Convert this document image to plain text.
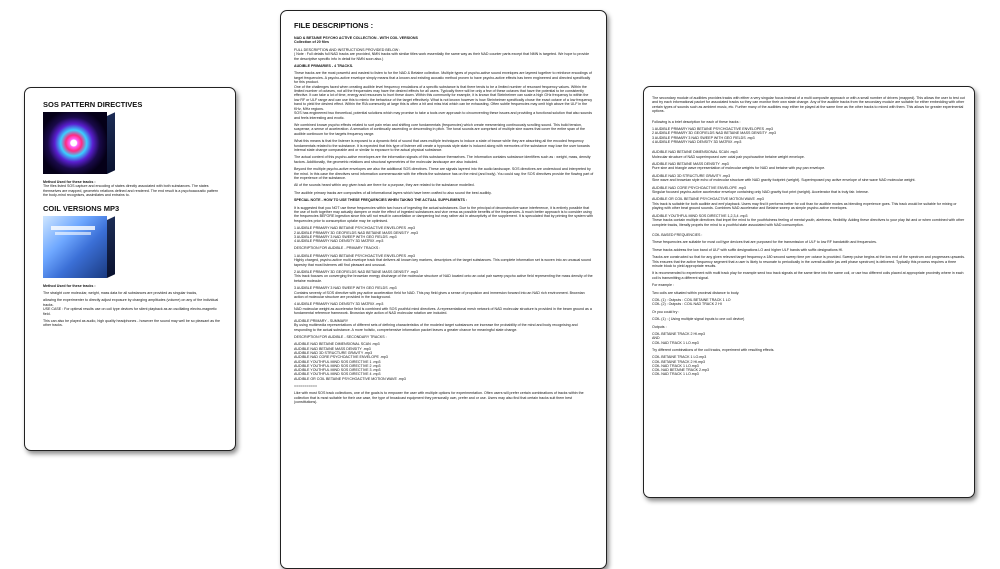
SOS PATTERN DIRECTIVES

Method Used for these tracks :

The files listed SOS capture and encoding of states directly associated with both substances. The states themselves are mapped, geometric relations defined and rendered. The end result is a psychoacoustic pattern the body-mind recognises, assimilates and entrains to.

COIL VERSIONS MP3

Method Used for these tracks :

The straight core molecular, weight, mass data for all substances are provided as singular tracks,

allowing the experimenter to directly adjust exposure by changing amplitudes (volume) on any of the individual tracks.

USE CASE : For optimal results use on coil type devices for silent playback as an oscillating electro-magnetic field.

This can also be played as audio, high quality headphones - however the sound may well be so pleasant as the other tracks.

FILE DESCRIPTIONS :

NAD & BETAINE PSYCHO ACTIVE COLLECTION - WITH COIL VERSIONS

Collection of 20 files

FULL DESCRIPTION AND INSTRUCTIONS PROVIDED BELOW :

( Note : Full details full NAD tracks are provided, NMN tracks with similar titles work essentially the same way as their NAD counter parts except that NMN is targeted. We hope to provide the descriptive specific info in detail for NMN soon also.)

AUDIBLE PRIMARIES - 4 TRACKS.

These tracks are the most powerful and easiest to listen to for the NAD & Betaine collection. Multiple types of psycho-active sound envelopes are layered together to reinforce encodings of target frequencies. A psycho-active envelope simply means that a known and existing acoustic method proven to have psycho-active effects has been engineered and directed specifically for this product.

One of the challenges faced when creating audible level frequency emulations of a specific substance is that there tends to be a limited number of resonant frequency values. Within the limited number of octaves, not all the frequencies may have the desired effects for all users. Typically there will be only a few of these octaves that have the potential to be consistently effective. It can take a lot of time, energy and resources to hunt these down. Within this community for example, it is known that Steinheimer can scale a high GHz frequency to within the low RF or ULF range and can use this to mimic the behaviour of the target effectively. What is not known however is how Steinheimer specifically chose the exact octave of a low frequency band to yield the desired effect. Within the RIA community at large this is often a hit and miss trial which can be exhausting. Often subtle frequencies may omit high above the ULF in the KHz, MHz regions.

SOS has engineered two theoretical, potential solutions which may promise to take a tools over approach to circumventing these issues and providing a functional solution that also sounds and feels interesting and exotic.

We combined known psycho effects related to sort pain relax and shifting core fundamentals (frequencies) which create mesmerizing continuously scrolling sound. This build tension, suspense, a sense of acceleration. A sensation of continually ascending or descending in pitch. The tonal sounds are comprised of multiple sine waves that cover the entire span of the audible continuum for the targets frequency range.

What this means is that the listener is exposed to a dynamic field of sound that uses multiple techniques to induce a state of trance while they are absorbing all the encoded frequency fundamentals related to the substance. It is expected that this type of listener will create a hypnosis style state is induced along with memories of the substance may lose the user towards internal state change comparable and or similar to exposure to the actual physical substance.

The actual content of this psycho-active envelopes are the information signals of this substance themselves. The information contains substance identifiers such as : weight, mass, density factors. Additionally, the geometric relations and structural symmetries of the molecular landscape are also included.

Beyond the multiple psycho-active envelopes are also the additional SOS directives. These are signals layered into the audio landscape. SOS directives are understood and interpreted by the mind. In this case the directives send information commensurate with the effects the substance has on the mind (and body). You could say, the SOS directives provide the flowing part of the experience of the substance.

All of the sounds heard within any given track are there for a purpose, they are related to the substance modelled.

The audible primary tracks are composites of all informational layers which have been crafted to also sound the best audibly.

SPECIAL NOTE - HOW TO USE THESE FREQUENCIES WHEN TAKING THE ACTUAL SUPPLEMENTS :

It is suggested that you NOT use these frequencies within two hours of ingesting the actual substances. Due to the principal of deconstructive wave interference, it is entirely possible that the use of both together may actually dampen or mute the effect of ingested substances and vice versa as possible benefits of the frequencies. A much better approach is to consider using the frequencies BEFORE ingestion since this will not result in cancellation or dampening but may rather aid in absorptivity of the supplement. It is speculated that by priming the system with frequencies prior to consumption uptake may be optimised.

1 AUDIBLE PRIMARY NAD BETAINE PSYCHOACTIVE ENVELOPES .mp3
2 AUDIBLE PRIMARY 3D GEOFIELDS NAD BETAINE MASS DENSITY .mp3
3 AUDIBLE PRIMARY 3 NAD SWEEP WITH GEO FIELDS .mp3
4 AUDIBLE PRIMARY NAD DENSITY 3D MATRIX .mp3

DESCRIPTION FOR AUDIBLE - PRIMARY TRACKS :

1 AUDIBLE PRIMARY NAD BETAINE PSYCHOACTIVE ENVELOPES .mp3

Highly charged, psycho-active multi-envelope track that delivers all known key markers, descriptors of the target substances. This complete information set is woven into an unusual sound tapestry that most listeners will find pleasant and unusual.

2 AUDIBLE PRIMARY 3D GEOFIELDS NAD BETAINE MASS DENSITY .mp3

This track focuses on converging the brownian energy discharge of the molecular structure of NAD located onto an octal pair sweep psycho active field representing the mass density of the betaine molecule.

3 AUDIBLE PRIMARY 3 NAD SWEEP WITH GEO FIELDS .mp3

Contains seventy of SOS directive with psy active acceleration field for NAD. This psy field gives a sense of propulsion and immersion forward into an NAD rich environment. Brownian action of molecular structure are provided in the background.

4 AUDIBLE PRIMARY NAD DENSITY 3D MATRIX .mp3

NAD molecular weight as accelerator field is combined with SOS youthful mind directives. A representational mesh network of NAD molecular structure is provided in the beam ground as a fundamental reference framework. Brownian style action of NAD molecular rotation are included.

AUDIBLE PRIMARY - SUMMARY

By using multimedia representations of different sets of defining characteristics of the modeled target substances we increase the probability of the mind and body recognising and responding to the actual substance. A more holistic, comprehensive information packet leaves a greater chance for meaningful state change.

DESCRIPTION FOR AUDIBLE - SECONDARY TRACKS :

AUDIBLE NAD BETAINE DIMENSIONAL SCAN .mp3
AUDIBLE NAD BETAINE MASS DENSITY .mp3
AUDIBLE NAD 3D STRUCTURE GRAVITY .mp3
AUDIBLE NAD CORE PSYCHOACTIVE ENVELOPE .mp3
AUDIBLE YOUTHFUL MIND SOS DIRECTIVE 1 .mp3
AUDIBLE YOUTHFUL MIND SOS DIRECTIVE 2 .mp3
AUDIBLE YOUTHFUL MIND SOS DIRECTIVE 3 .mp3
AUDIBLE YOUTHFUL MIND SOS DIRECTIVE 4 .mp3
AUDIBLE OR COIL BETAINE PSYCHOACTIVE MOTION WAVE .mp3

===========

Like with most SOS track collections, one of the goals is to empower the user with multiple options for experimentation. Often users will prefer certain combinations of tracks within the collection that is most suitable for their use case, the type of broadcast equipment they personally own, prefer and or use. Users may also find that certain tracks suit them best (constitutions).

The secondary module of audibles provides tracks with either a very singular focus instead of a multi composite approach or with a small number of drivers (mapped). This allows the user to test out and try each informational packet for associated tracks so they can monitor their own state change. Any of the audible tracks from the secondary module are suitable for either embedding with other certain types of sounds such as ambient music, etc. Further many of the audibles may either be played at the same time as the other tracks to mixed with them. This allows for greater experimental options.

Following is a brief description for each of these tracks :

1 AUDIBLE PRIMARY NAD BETAINE PSYCHOACTIVE ENVELOPES .mp3
2 AUDIBLE PRIMARY 3D GEOFIELDS NAD BETAINE MASS DENSITY .mp3
3 AUDIBLE PRIMARY 3 NAD SWEEP WITH GEO FIELDS .mp3
4 AUDIBLE PRIMARY NAD DENSITY 3D MATRIX .mp3

AUDIBLE NAD BETAINE DIMENSIONAL SCAN .mp3

Molecular structure of NAD superimposed over octal pair psychoactive betaine weight envelope.

AUDIBLE NAD BETAINE MASS DENSITY .mp3

Pure sine and triangle wave representation of molecular weights for NAD and betaine with psy pan envelope.

AUDIBLE NAD 3D STRUCTURE GRAVITY .mp3

Sine wave and brownian style echo of molecular structure with NAD gravity footprint (weight). Superimposed psy active envelope of sine wave NAD molecular weight.

AUDIBLE NAD CORE PSYCHOACTIVE ENVELOPE .mp3

Singular focused psycho-active accelerator envelope containing only NAD gravity foot print (weight). Accelerator that is truly fair. Intense.

AUDIBLE OR COIL BETAINE PSYCHOACTIVE MOTION WAVE .mp3

This track is suitable for both audible and emf playback. Users may find it performs better for coil than for audible modes as blending experience goes. This track would be suitable for mixing or playing with other beat ground sounds. Combines NAD accelerator and Betaine sweep as simple psycho-active envelopes.

AUDIBLE YOUTHFUL MIND SOS DIRECTIVE 1,2,3,4 .mp3

These tracks contain multiple directives that impel the mind to the youthfulness feeling of mental youth, alertness, flexibility. Adding these directives to your play list and or when combined with other complete tracks, literally propels the mind to a youthful state associated with NAD consumption.

COIL BASED FREQUENCIES :

These frequencies are suitable for most coil type devices that are purposed for the transmission of ULF to low RF bandwidth and frequencies.

These tracks address the low band of ULF with suffix designations LO and higher ULF bands with suffix designations HI.

Tracks are constructed so that for any given relevant target frequency a 180 second sweep time per octave is provided. Sweep pulse begins at the low end of the spectrum and progresses upwards. This ensures that the active frequency segment that a user is likely to resonate to periodically in the overall audible (as well phase spectrum) is delivered. Typically this process requires a three minute block to yield appropriate results.

It is recommended to experiment with multi track play for example send two track signals at the same time into the same coil, or use two different coils placed at appropriate proximity where in each coil is transmitting a different signal.

For example :

Two coils are situated within proximal distance to body.

COIL (1) : Outputs : COIL BETAINE TRACK 1 LO

COIL (2) : Outputs : COIL NAD TRACK 2 HI

Or you could try :

COIL (1) : ( Using multiple signal inputs to one coil device)

Outputs :

COIL BETAINE TRACK 2 HI.mp3
AND
COIL NAD TRACK 1 LO.mp3

Try different combinations of the coil tracks, experiment with resulting effects.

COIL BETAINE TRACK 1 LO.mp3
COIL BETAINE TRACK 2 HI.mp3
COIL NAD TRACK 1 LO.mp3
COIL NAD BETAINE TRACK 2.mp3
COIL NAD TRACK 1 LO.mp3
